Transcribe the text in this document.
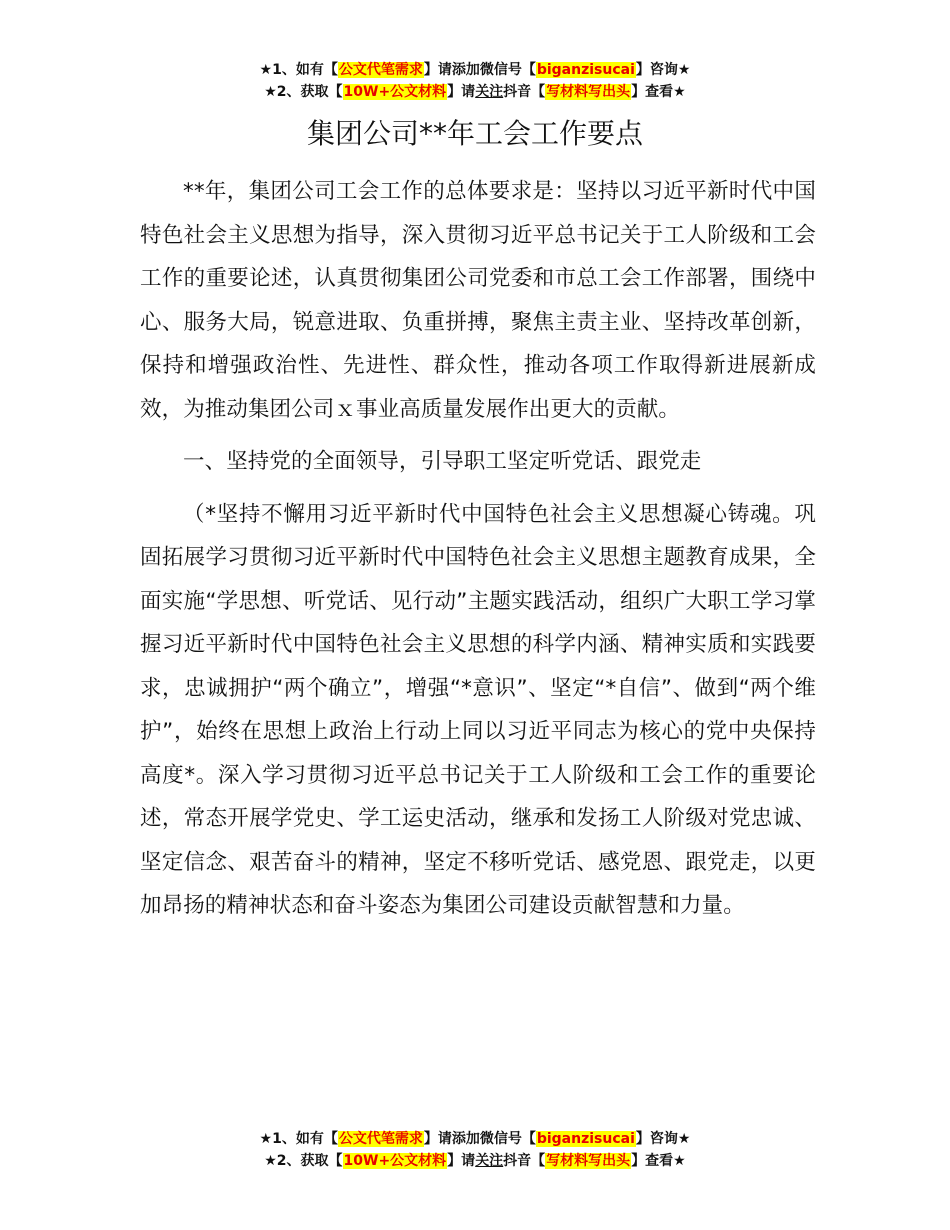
★1、如有【公文代笔需求】请添加微信号【biganzisucai】咨询★
★2、获取【10W+公文材料】请关注抖音【写材料写出头】查看★
集团公司**年工会工作要点

**年，集团公司工会工作的总体要求是：坚持以习近平新时代中国特色社会主义思想为指导，深入贯彻习近平总书记关于工人阶级和工会工作的重要论述，认真贯彻集团公司党委和市总工会工作部署，围绕中心、服务大局，锐意进取、负重拼搏，聚焦主责主业、坚持改革创新，保持和增强政治性、先进性、群众性，推动各项工作取得新进展新成效，为推动集团公司ｘ事业高质量发展作出更大的贡献。

一、坚持党的全面领导，引导职工坚定听党话、跟党走

（*坚持不懈用习近平新时代中国特色社会主义思想凝心铸魂。巩固拓展学习贯彻习近平新时代中国特色社会主义思想主题教育成果，全面实施“学思想、听党话、见行动”主题实践活动，组织广大职工学习掌握习近平新时代中国特色社会主义思想的科学内涵、精神实质和实践要求，忠诚拥护“两个确立”，增强“*意识”、坚定“*自信”、做到“两个维护”，始终在思想上政治上行动上同以习近平同志为核心的党中央保持高度*。深入学习贯彻习近平总书记关于工人阶级和工会工作的重要论述，常态开展学党史、学工运史活动，继承和发扬工人阶级对党忠诚、坚定信念、艰苦奋斗的精神，坚定不移听党话、感党恩、跟党走，以更加昂扬的精神状态和奋斗姿态为集团公司建设贡献智慧和力量。

★1、如有【公文代笔需求】请添加微信号【biganzisucai】咨询★
★2、获取【10W+公文材料】请关注抖音【写材料写出头】查看★
